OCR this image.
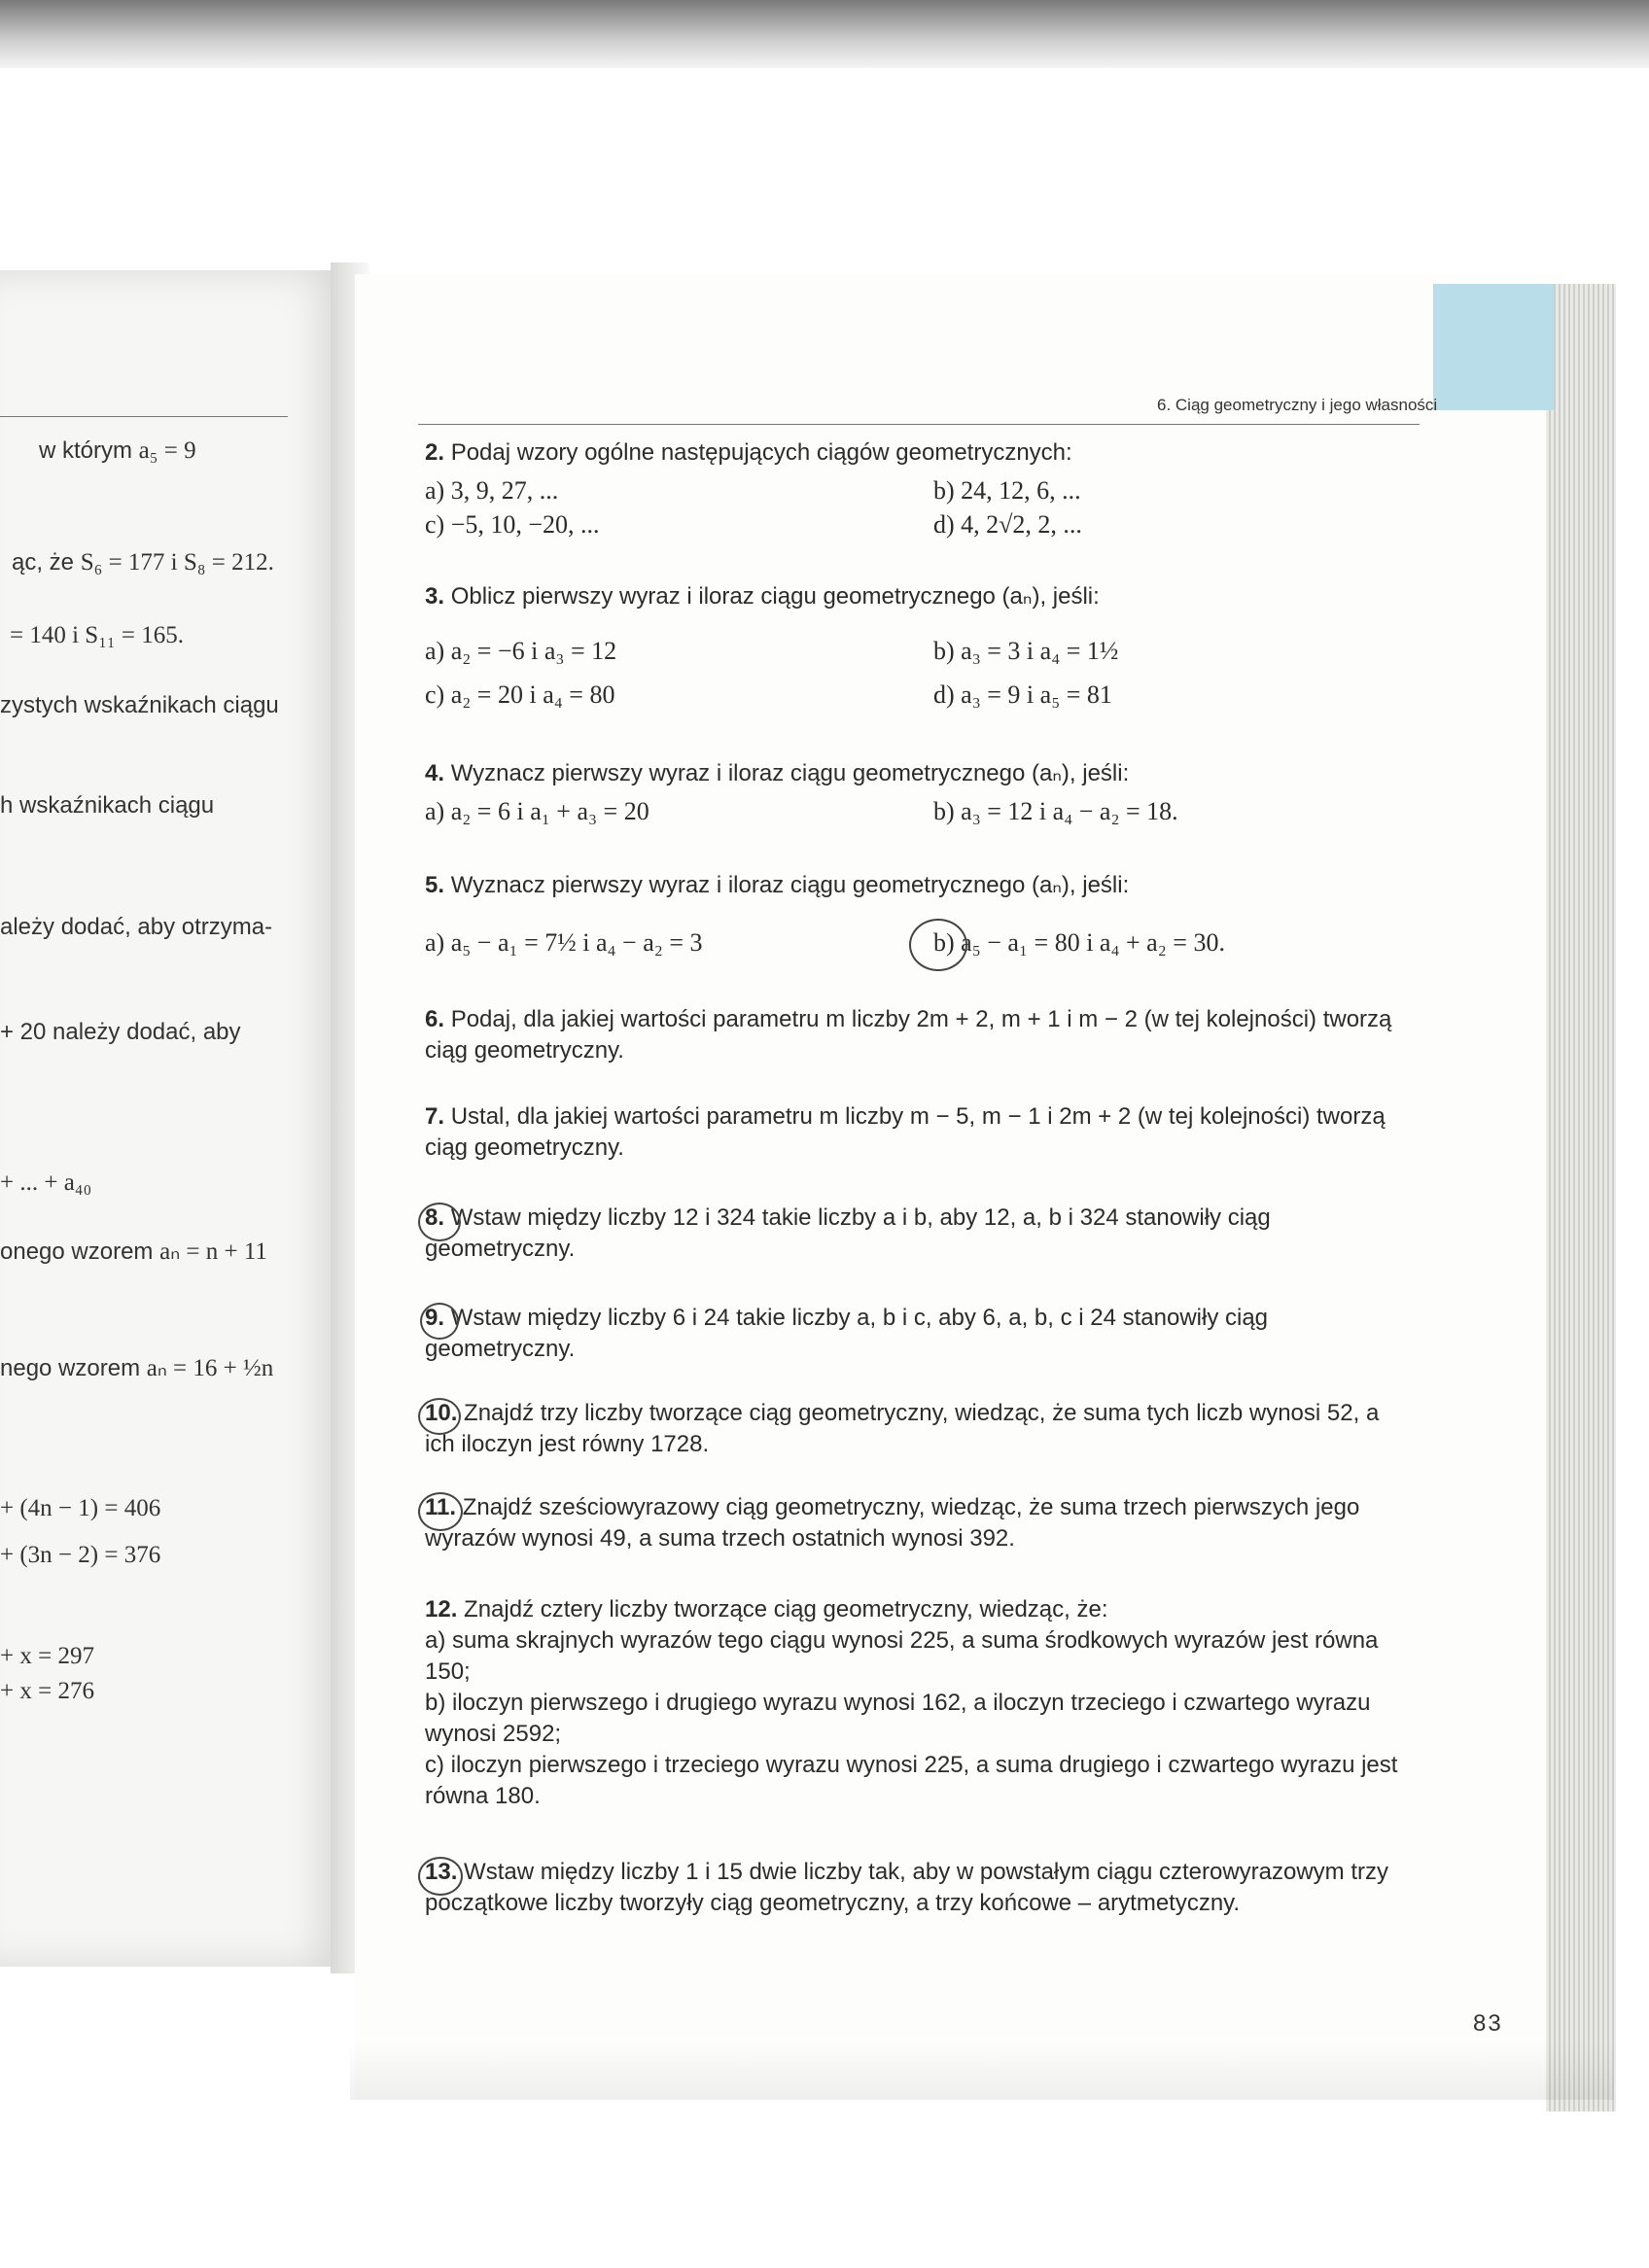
w którym a₅ = 9
ąc, że S₆ = 177 i S₈ = 212.
= 140 i S₁₁ = 165.
zystych wskaźnikach ciągu
h wskaźnikach ciągu
ależy dodać, aby otrzyma-
+ 20 należy dodać, aby
+ ... + a₄₀
onego wzorem aₙ = n + 11
nego wzorem aₙ = 16 + ½n
+ (4n − 1) = 406
+ (3n − 2) = 376
+ x = 297
+ x = 276
6. Ciąg geometryczny i jego własności
2. Podaj wzory ogólne następujących ciągów geometrycznych:
a) 3, 9, 27, ...	b) 24, 12, 6, ...
c) −5, 10, −20, ...	d) 4, 2√2, 2, ...
3. Oblicz pierwszy wyraz i iloraz ciągu geometrycznego (aₙ), jeśli:
a) a₂ = −6 i a₃ = 12	b) a₃ = 3 i a₄ = 1½
c) a₂ = 20 i a₄ = 80	d) a₃ = 9 i a₅ = 81
4. Wyznacz pierwszy wyraz i iloraz ciągu geometrycznego (aₙ), jeśli:
a) a₂ = 6 i a₁ + a₃ = 20	b) a₃ = 12 i a₄ − a₂ = 18.
5. Wyznacz pierwszy wyraz i iloraz ciągu geometrycznego (aₙ), jeśli:
a) a₅ − a₁ = 7½ i a₄ − a₂ = 3	b) a₅ − a₁ = 80 i a₄ + a₂ = 30.
6. Podaj, dla jakiej wartości parametru m liczby 2m + 2, m + 1 i m − 2 (w tej kolejności) tworzą ciąg geometryczny.
7. Ustal, dla jakiej wartości parametru m liczby m − 5, m − 1 i 2m + 2 (w tej kolejności) tworzą ciąg geometryczny.
8. Wstaw między liczby 12 i 324 takie liczby a i b, aby 12, a, b i 324 stanowiły ciąg geometryczny.
9. Wstaw między liczby 6 i 24 takie liczby a, b i c, aby 6, a, b, c i 24 stanowiły ciąg geometryczny.
10. Znajdź trzy liczby tworzące ciąg geometryczny, wiedząc, że suma tych liczb wynosi 52, a ich iloczyn jest równy 1728.
11. Znajdź sześciowyrazowy ciąg geometryczny, wiedząc, że suma trzech pierwszych jego wyrazów wynosi 49, a suma trzech ostatnich wynosi 392.
12. Znajdź cztery liczby tworzące ciąg geometryczny, wiedząc, że:
a) suma skrajnych wyrazów tego ciągu wynosi 225, a suma środkowych wyrazów jest równa 150;
b) iloczyn pierwszego i drugiego wyrazu wynosi 162, a iloczyn trzeciego i czwartego wyrazu wynosi 2592;
c) iloczyn pierwszego i trzeciego wyrazu wynosi 225, a suma drugiego i czwartego wyrazu jest równa 180.
13. Wstaw między liczby 1 i 15 dwie liczby tak, aby w powstałym ciągu czterowyrazowym trzy początkowe liczby tworzyły ciąg geometryczny, a trzy końcowe – arytmetyczny.
83
